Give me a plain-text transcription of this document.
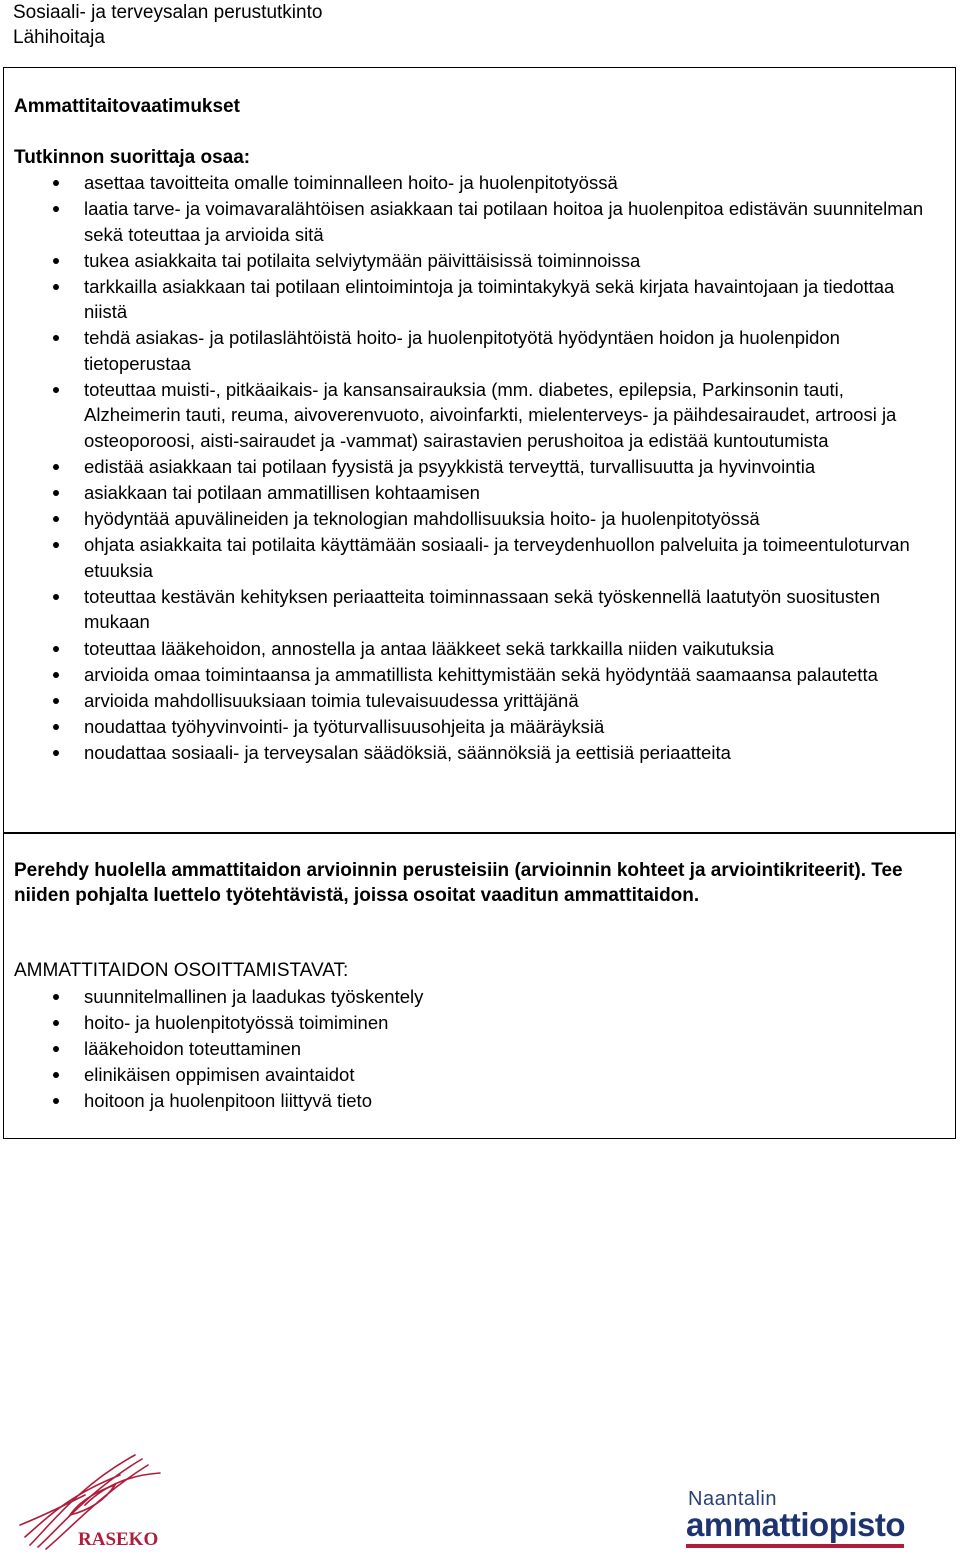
Sosiaali- ja terveysalan perustutkinto
Lähihoitaja
Ammattitaitovaatimukset
Tutkinnon suorittaja osaa:
asettaa tavoitteita omalle toiminnalleen hoito- ja huolenpitotyössä
laatia tarve- ja voimavaralähtöisen asiakkaan tai potilaan hoitoa ja huolenpitoa edistävän suunnitelman sekä toteuttaa ja arvioida sitä
tukea asiakkaita tai potilaita selviytymään päivittäisissä toiminnoissa
tarkkailla asiakkaan tai potilaan elintoimintoja ja toimintakykyä sekä kirjata havaintojaan ja tiedottaa niistä
tehdä asiakas- ja potilaslähtöistä hoito- ja huolenpitotyötä hyödyntäen hoidon ja huolenpidon tietoperustaa
toteuttaa muisti-, pitkäaikais- ja kansansairauksia (mm. diabetes, epilepsia, Parkinsonin tauti, Alzheimerin tauti, reuma, aivoverenvuoto, aivoinfarkti, mielenterveys- ja päihdesairaudet, artroosi ja osteoporoosi, aisti-sairaudet ja -vammat) sairastavien perushoitoa ja edistää kuntoutumista
edistää asiakkaan tai potilaan fyysistä ja psyykkistä terveyttä, turvallisuutta ja hyvinvointia
asiakkaan tai potilaan ammatillisen kohtaamisen
hyödyntää apuvälineiden ja teknologian mahdollisuuksia hoito- ja huolenpitotyössä
ohjata asiakkaita tai potilaita käyttämään sosiaali- ja terveydenhuollon palveluita ja toimeentuloturvan etuuksia
toteuttaa kestävän kehityksen periaatteita toiminnassaan sekä työskennellä laatutyön suositusten mukaan
toteuttaa lääkehoidon, annostella ja antaa lääkkeet sekä tarkkailla niiden vaikutuksia
arvioida omaa toimintaansa ja ammatillista kehittymistään sekä hyödyntää saamaansa palautetta
arvioida mahdollisuuksiaan toimia tulevaisuudessa yrittäjänä
noudattaa työhyvinvointi- ja työturvallisuusohjeita ja määräyksiä
noudattaa sosiaali- ja terveysalan säädöksiä, säännöksiä ja eettisiä periaatteita
Perehdy huolella ammattitaidon arvioinnin perusteisiin (arvioinnin kohteet ja arviointikriteerit). Tee niiden pohjalta luettelo työtehtävistä, joissa osoitat vaaditun ammattitaidon.
AMMATTITAIDON OSOITTAMISTAVAT:
suunnitelmallinen ja laadukas työskentely
hoito- ja huolenpitotyössä toimiminen
lääkehoidon toteuttaminen
elinikäisen oppimisen avaintaidot
hoitoon ja huolenpitoon liittyvä tieto
RASEKO
Naantalin
ammattiopisto
